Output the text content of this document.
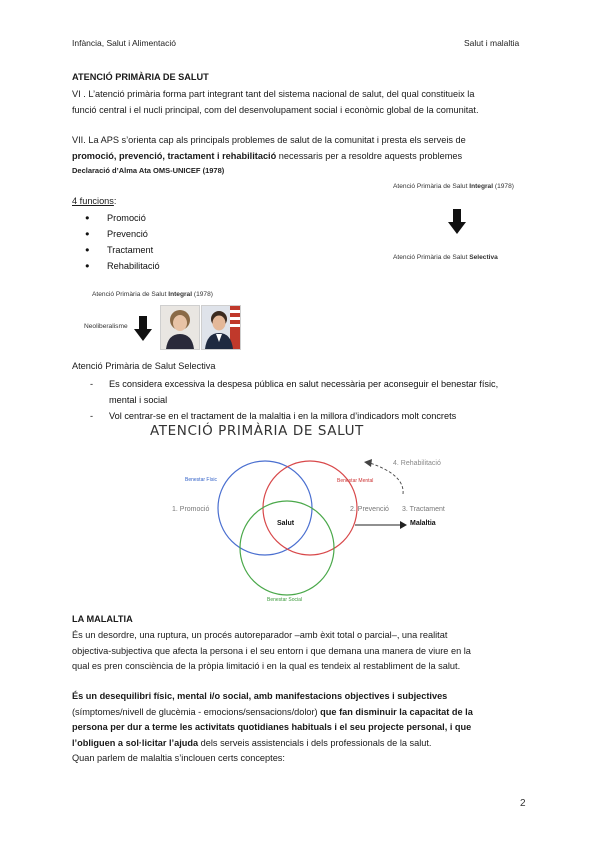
Infància, Salut i Alimentació	Salut i malaltia
ATENCIÓ PRIMÀRIA DE SALUT
VI . L’atenció primària forma part integrant tant del sistema nacional de salut, del qual constitueix la
funció central i el nucli principal, com del desenvolupament social i econòmic global de la comunitat.
VII. La APS s’orienta cap als principals problemes de salut de la comunitat i presta els serveis de
promoció, prevenció, tractament i rehabilitació necessaris per a resoldre aquests problemes
Declaració d’Alma Ata OMS-UNICEF (1978)
Atenció Primària de Salut Integral (1978)
Atenció Primària de Salut Selectiva
4 funcions:
● Promoció
● Prevenció
● Tractament
● Rehabilitació
Atenció Primària de Salut Integral (1978)
Neoliberalisme
Atenció Primària de Salut Selectiva
- Es considera excessiva la despesa pública en salut necessària per aconseguir el benestar físic,
mental i social
- Vol centrar-se en el tractament de la malaltia i en la millora d’indicadors molt concrets
ATENCIÓ PRIMÀRIA DE SALUT
Benestar Físic	Benestar Mental
Benestar Social
Salut
1. Promoció	2. Prevenció 3. Tractament
4. Rehabilitació
Malaltia
LA MALALTIA
És un desordre, una ruptura, un procés autoreparador –amb èxit total o parcial–, una realitat
objectiva-subjectiva que afecta la persona i el seu entorn i que demana una manera de viure en la
qual es pren consciència de la pròpia limitació i en la qual es tendeix al restabliment de la salut.
És un desequilibri físic, mental i/o social, amb manifestacions objectives i subjectives
(símptomes/nivell de glucèmia - emocions/sensacions/dolor) que fan disminuir la capacitat de la
persona per dur a terme les activitats quotidianes habituals i el seu projecte personal, i que
l’obliguen a sol·licitar l’ajuda dels serveis assistencials i dels professionals de la salut.
Quan parlem de malaltia s’inclouen certs conceptes:
2
